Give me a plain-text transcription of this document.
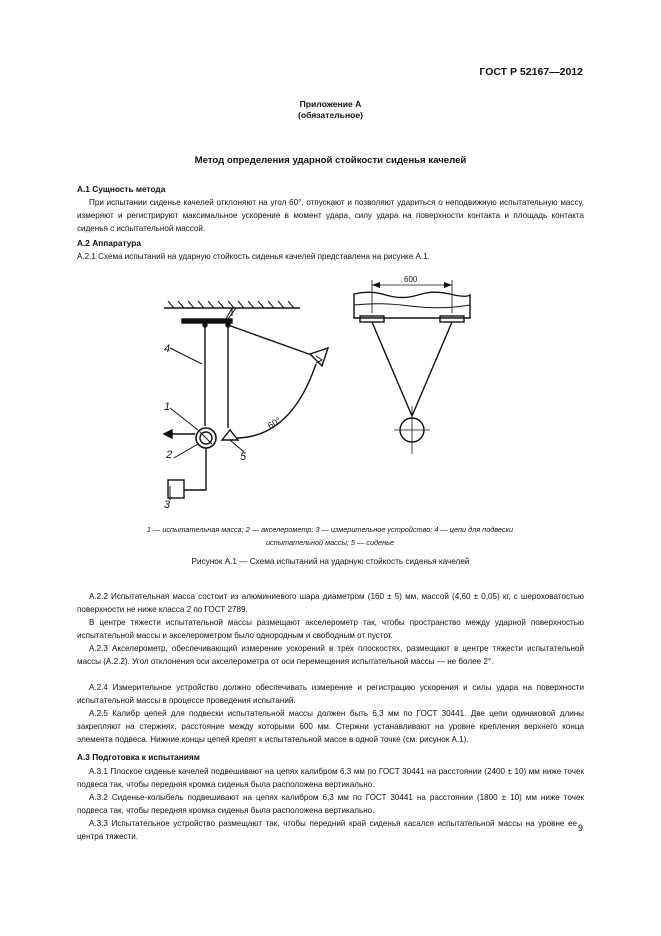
ГОСТ Р 52167—2012
Приложение А
(обязательное)
Метод определения ударной стойкости сиденья качелей
А.1 Сущность метода
При испытании сиденье качелей отклоняют на угол 60°, отпускают и позволяют удариться о неподвижную испытательную массу, измеряют и регистрируют максимальное ускорение в момент удара, силу удара на поверхности контакта и площадь контакта сиденья с испытательной массой.
А.2 Аппаратура
А.2.1 Схема испытаний на ударную стойкость сиденья качелей представлена на рисунке А.1.
4
1
2	5
3
60°
600
1 — испытательная масса; 2 — акселерометр; 3 — измерительное устройство; 4 — цепи для подвески
испытательной массы; 5 — сиденье
Рисунок А.1 — Схема испытаний на ударную стойкость сиденья качелей
А.2.2 Испытательная масса состоит из алюминиевого шара диаметром (160 ± 5) мм, массой (4,60 ± 0,05) кг, с шероховатостью поверхности не ниже класса 2 по ГОСТ 2789.
В центре тяжести испытательной массы размещают акселерометр так, чтобы пространство между ударной поверхностью испытательной массы и акселерометром было однородным и свободным от пустот.
А.2.3 Акселерометр, обеспечивающий измерение ускорений в трех плоскостях, размещают в центре тяжести испытательной массы (А.2.2). Угол отклонения оси акселерометра от оси перемещения испытательной массы — не более 2°.
А.2.4 Измерительное устройство должно обеспечивать измерение и регистрацию ускорения и силы удара на поверхности испытательной массы в процессе проведения испытаний.
А.2.5 Калибр цепей для подвески испытательной массы должен быть 6,3 мм по ГОСТ 30441. Две цепи одинаковой длины закрепляют на стержнях, расстояние между которыми 600 мм. Стержни устанавливают на уровне крепления верхнего конца элемента подвеса. Нижние концы цепей крепят к испытательной массе в одной точке (см. рисунок А.1).
А.3 Подготовка к испытаниям
А.3.1 Плоское сиденье качелей подвешивают на цепях калибром 6,3 мм по ГОСТ 30441 на расстоянии (2400 ± 10) мм ниже точек подвеса так, чтобы передняя кромка сиденья была расположена вертикально.
А.3.2 Сиденье-колыбель подвешивают на цепях калибром 6,3 мм по ГОСТ 30441 на расстоянии (1800 ± 10) мм ниже точек подвеса так, чтобы передняя кромка сиденья была расположена вертикально.
А.3.3 Испытательное устройство размещают так, чтобы передний край сиденья касался испытательной массы на уровне ее центра тяжести.
9
